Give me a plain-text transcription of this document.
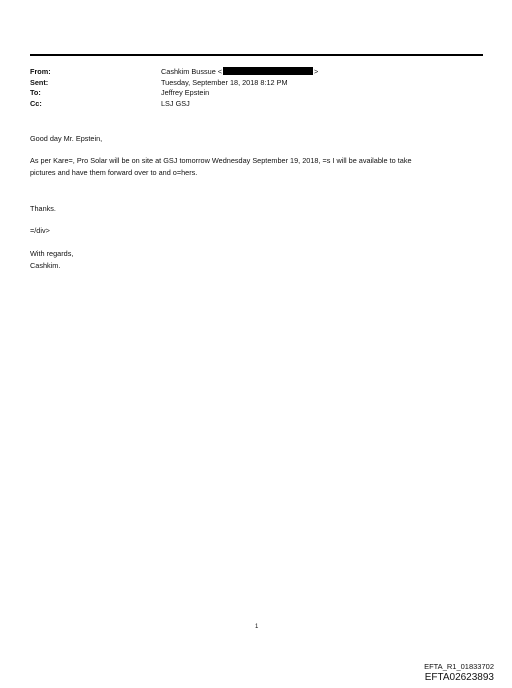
From:	Cashkim Bussue <	>
Sent:	Tuesday, September 18, 2018 8:12 PM
To:	Jeffrey Epstein
Cc:	LSJ GSJ
Good day Mr. Epstein,
As per Kare=, Pro Solar will be on site at GSJ tomorrow Wednesday September 19, 2018, =s I will be available to take
pictures and have them forward over to and o=hers.
Thanks.
=/div>
With regards,
Cashkim.
1
EFTA_R1_01833702
EFTA02623893
